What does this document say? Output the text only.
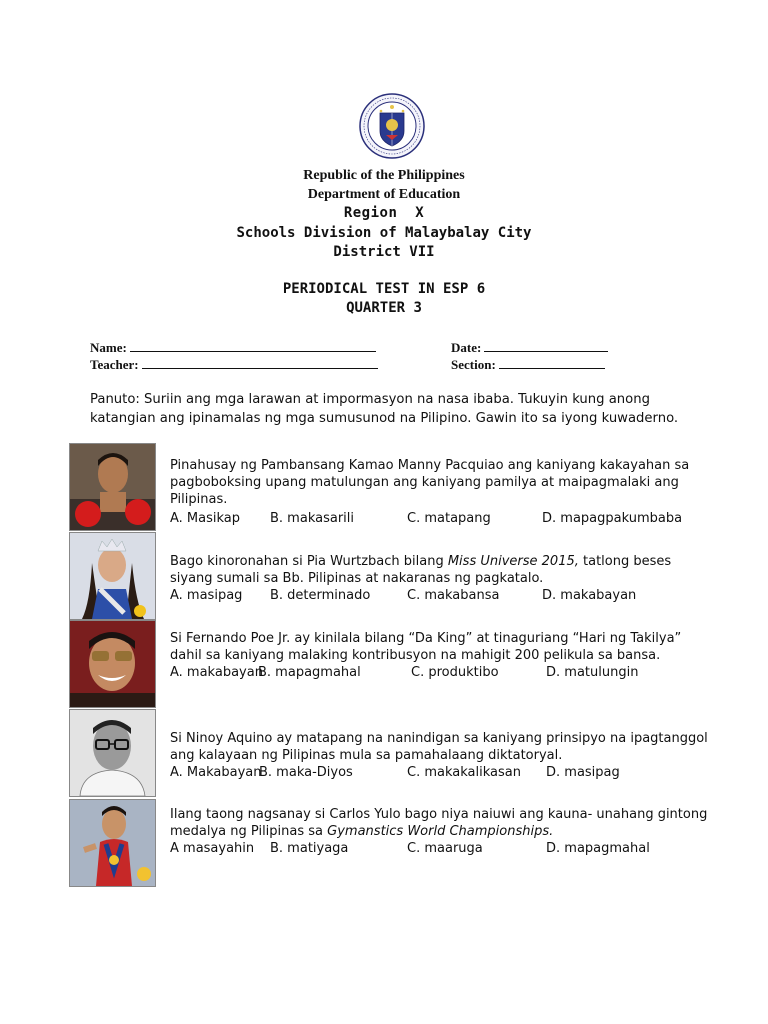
Republic of the Philippines
Department of Education
Region  X
Schools Division of Malaybalay City
District VII
PERIODICAL TEST IN ESP 6
QUARTER 3
Name:	Date:
Teacher:	Section:
Panuto: Suriin ang mga larawan at impormasyon na nasa ibaba. Tukuyin kung anong katangian ang ipinamalas ng mga sumusunod na Pilipino. Gawin ito sa iyong kuwaderno.
Pinahusay ng Pambansang Kamao Manny Pacquiao ang kaniyang kakayahan sa pagboboksing upang matulungan ang kaniyang pamilya at maipagmalaki ang Pilipinas.
A. Masikap B. makasarili	C. matapang	D. mapagpakumbaba
Bago kinoronahan si Pia Wurtzbach bilang Miss Universe 2015, tatlong beses siyang sumali sa Bb. Pilipinas at nakaranas ng pagkatalo.
A. masipag B. determinado	C. makabansa	D. makabayan
Si Fernando Poe Jr. ay kinilala bilang “Da King” at tinaguriang “Hari ng Takilya” dahil sa kaniyang malaking kontribusyon na mahigit 200 pelikula sa bansa.
A. makabayan
B. mapagmahal	C. produktibo	D. matulungin
Si Ninoy Aquino ay matapang na nanindigan sa kaniyang prinsipyo na ipagtanggol ang kalayaan ng Pilipinas mula sa pamahalaang diktatoryal.
A. Makabayan
B. maka-Diyos	C. makakalikasan D. masipag
Ilang taong nagsanay si Carlos Yulo bago niya naiuwi ang kauna- unahang gintong medalya ng Pilipinas sa Gymanstics World Championships.
A masayahin B. matiyaga	C. maaruga	D. mapagmahal
